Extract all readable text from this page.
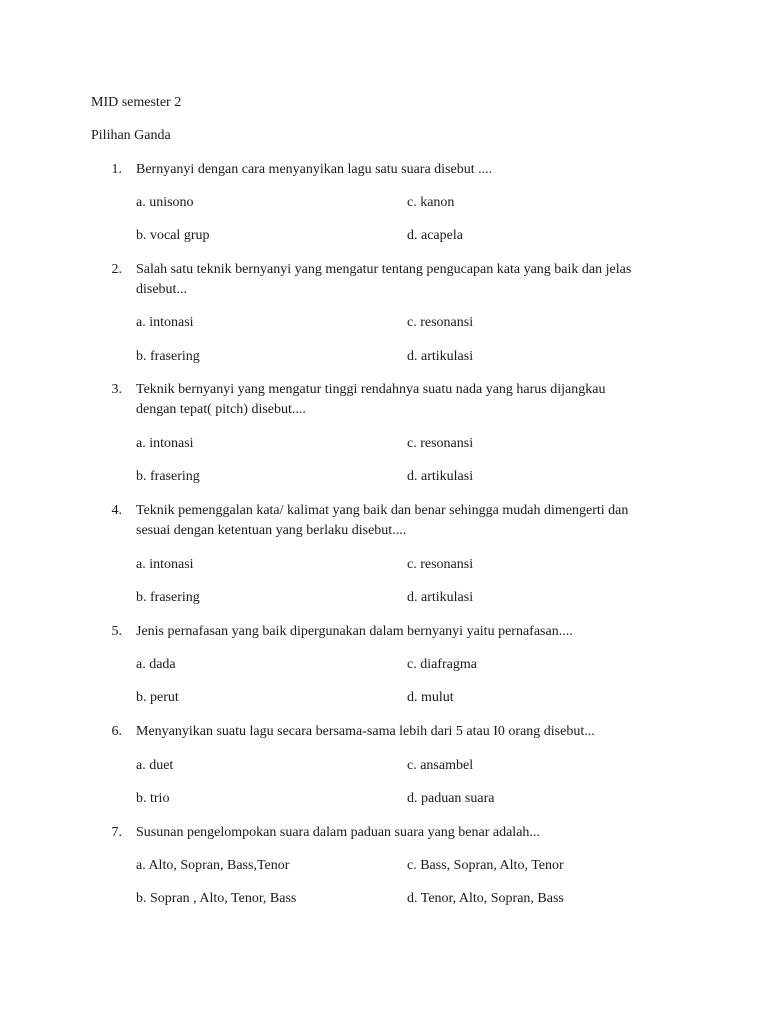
MID semester 2
Pilihan Ganda
1. Bernyanyi dengan cara menyanyikan lagu satu suara disebut ....
a. unisono	c. kanon
b. vocal grup	d. acapela
2. Salah satu teknik bernyanyi yang mengatur tentang pengucapan kata yang baik dan jelas
disebut...
a. intonasi	c. resonansi
b. frasering	d. artikulasi
3. Teknik bernyanyi yang mengatur tinggi rendahnya suatu nada yang harus dijangkau
dengan tepat( pitch) disebut....
a. intonasi	c. resonansi
b. frasering	d. artikulasi
4. Teknik pemenggalan kata/ kalimat yang baik dan benar sehingga mudah dimengerti dan
sesuai dengan ketentuan yang berlaku disebut....
a. intonasi	c. resonansi
b. frasering	d. artikulasi
5. Jenis pernafasan yang baik dipergunakan dalam bernyanyi yaitu pernafasan....
a. dada	c. diafragma
b. perut	d. mulut
6. Menyanyikan suatu lagu secara bersama-sama lebih dari 5 atau I0 orang disebut...
a. duet	c. ansambel
b. trio	d. paduan suara
7. Susunan pengelompokan suara dalam paduan suara yang benar adalah...
a. Alto, Sopran, Bass,Tenor	c. Bass, Sopran, Alto, Tenor
b. Sopran , Alto, Tenor, Bass	d. Tenor, Alto, Sopran, Bass
